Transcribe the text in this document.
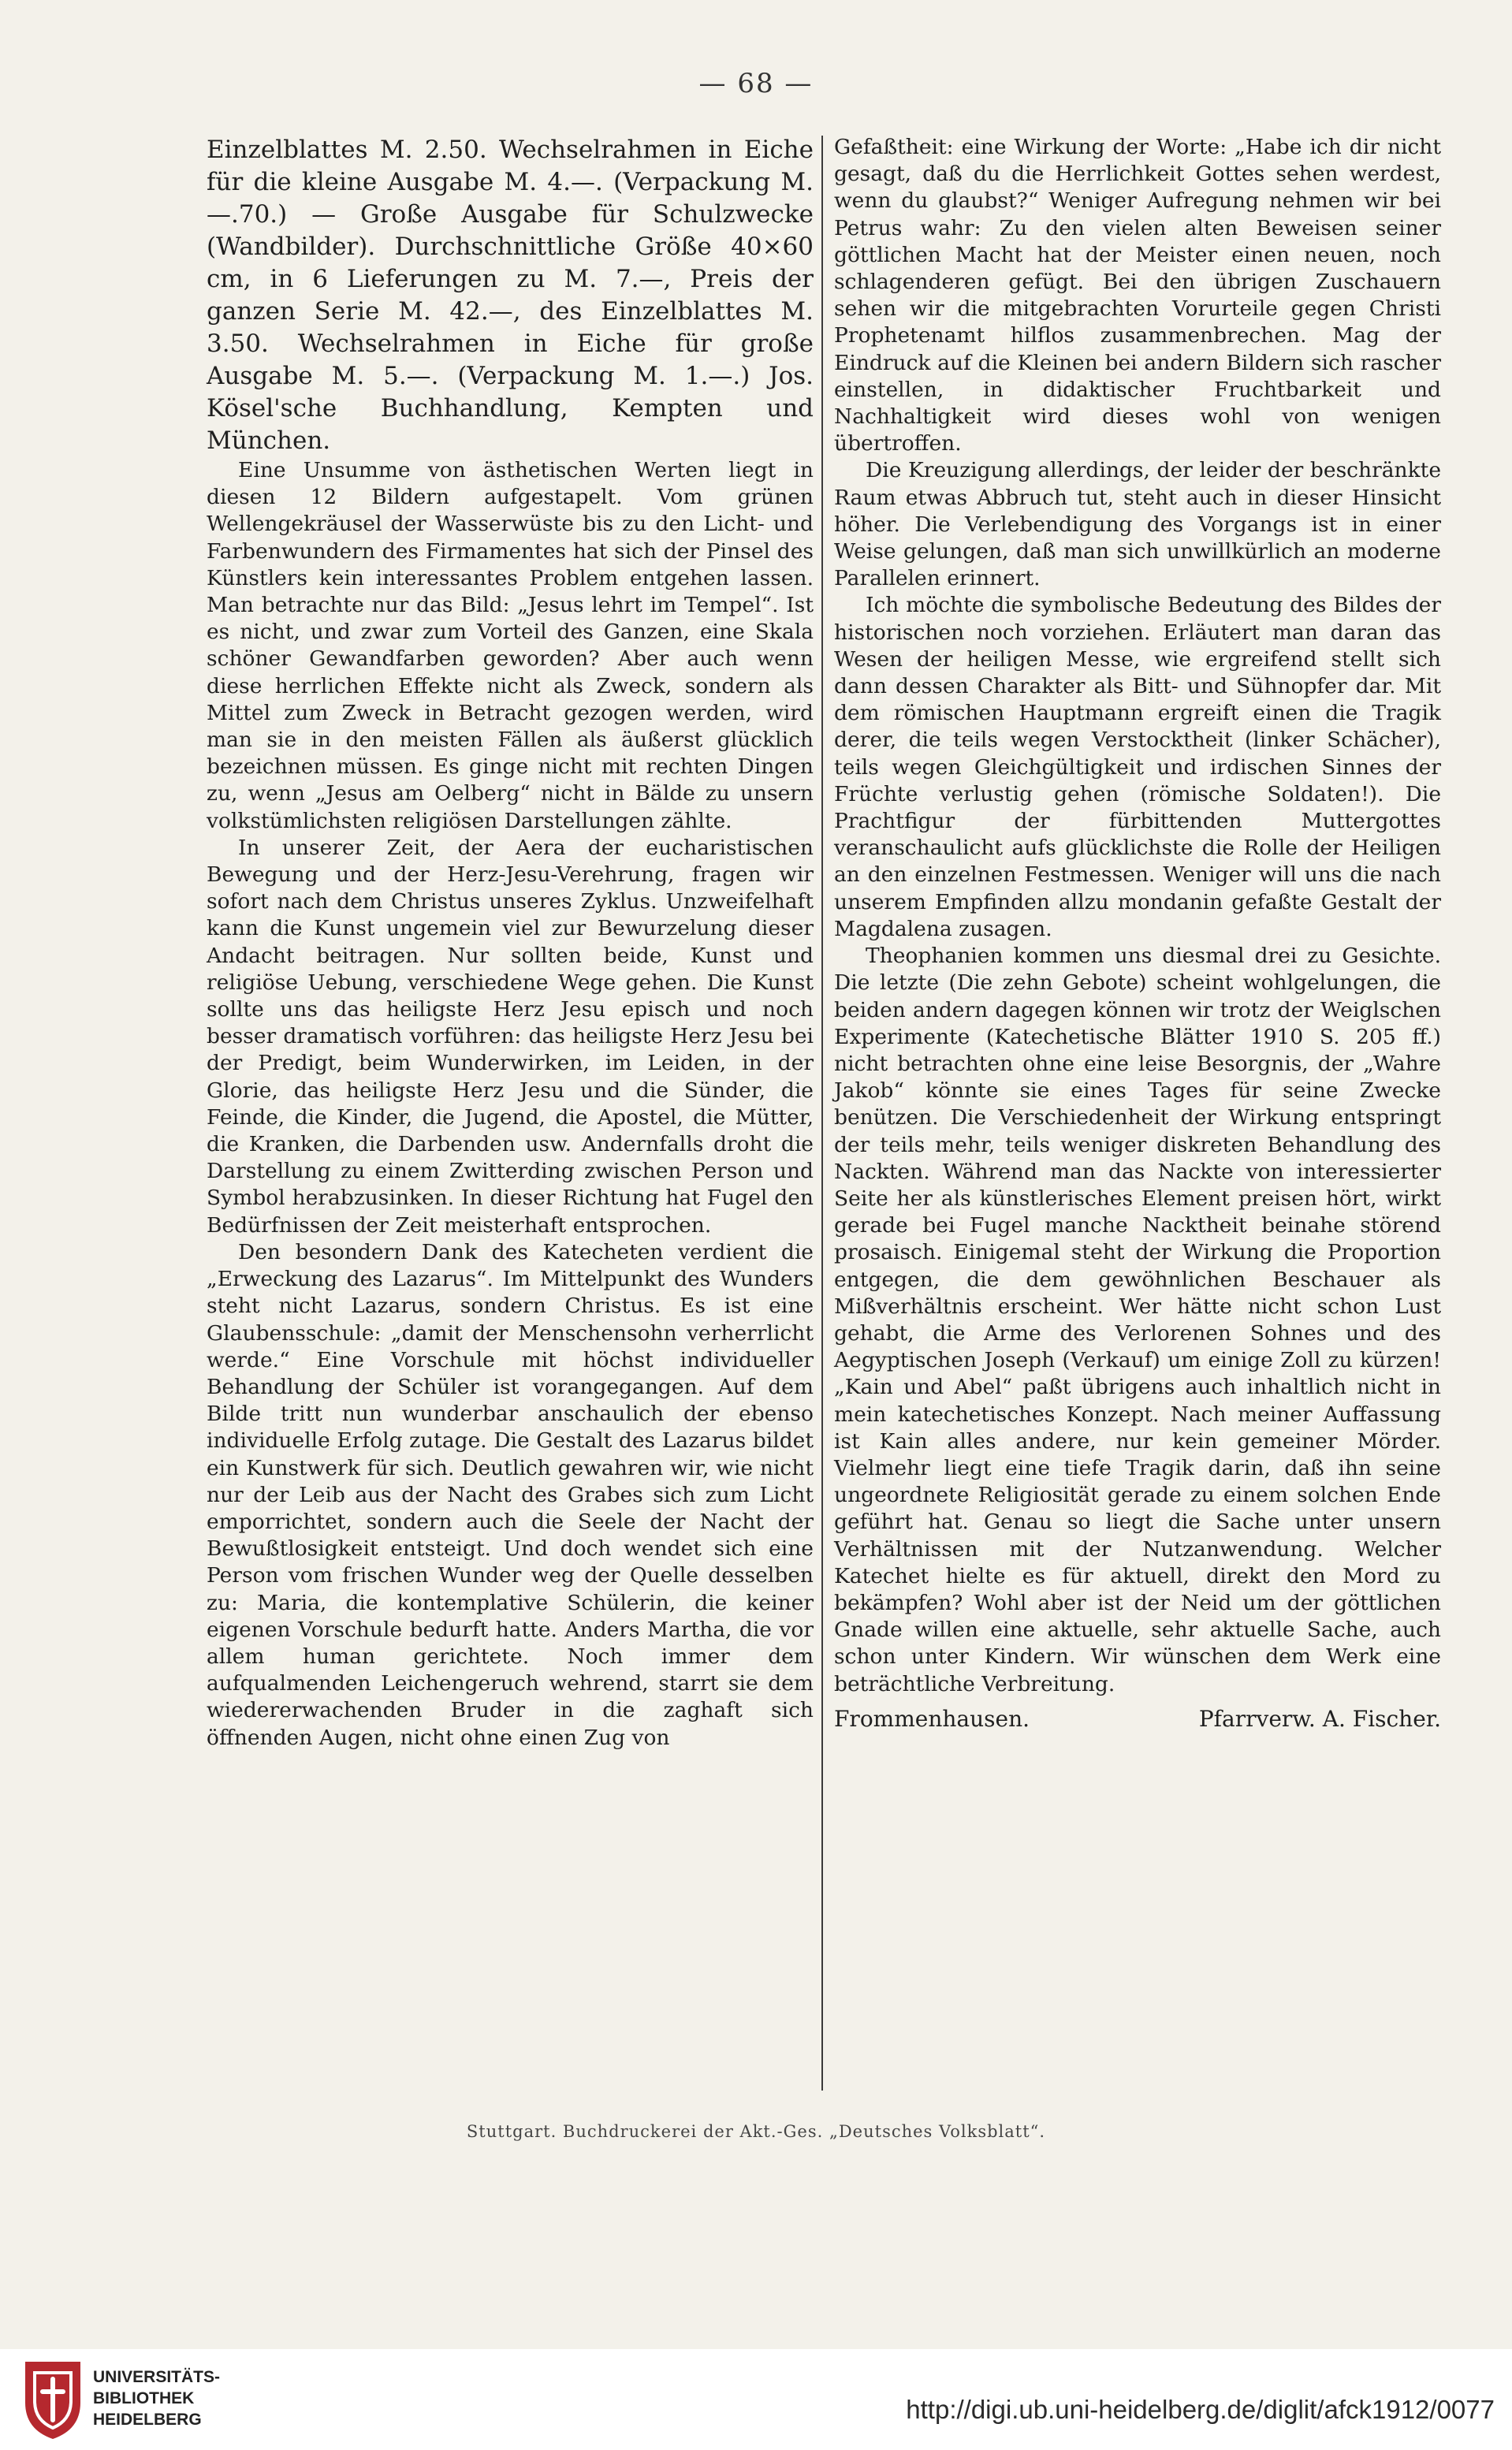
— 68 —

Einzelblattes M. 2.50. Wechselrahmen in Eiche für die kleine Ausgabe M. 4.—. (Verpackung M. —.70.) — Große Ausgabe für Schulzwecke (Wandbilder). Durchschnittliche Größe 40×60 cm, in 6 Lieferungen zu M. 7.—, Preis der ganzen Serie M. 42.—, des Einzelblattes M. 3.50. Wechselrahmen in Eiche für große Ausgabe M. 5.—. (Verpackung M. 1.—.) Jos. Kösel'sche Buchhandlung, Kempten und München.

Eine Unsumme von ästhetischen Werten liegt in diesen 12 Bildern aufgestapelt. Vom grünen Wellengekräusel der Wasserwüste bis zu den Licht- und Farbenwundern des Firmamentes hat sich der Pinsel des Künstlers kein interessantes Problem entgehen lassen. Man betrachte nur das Bild: „Jesus lehrt im Tempel“. Ist es nicht, und zwar zum Vorteil des Ganzen, eine Skala schöner Gewandfarben geworden? Aber auch wenn diese herrlichen Effekte nicht als Zweck, sondern als Mittel zum Zweck in Betracht gezogen werden, wird man sie in den meisten Fällen als äußerst glücklich bezeichnen müssen. Es ginge nicht mit rechten Dingen zu, wenn „Jesus am Oelberg“ nicht in Bälde zu unsern volkstümlichsten religiösen Darstellungen zählte.

In unserer Zeit, der Aera der eucharistischen Bewegung und der Herz-Jesu-Verehrung, fragen wir sofort nach dem Christus unseres Zyklus. Unzweifelhaft kann die Kunst ungemein viel zur Bewurzelung dieser Andacht beitragen. Nur sollten beide, Kunst und religiöse Uebung, verschiedene Wege gehen. Die Kunst sollte uns das heiligste Herz Jesu episch und noch besser dramatisch vorführen: das heiligste Herz Jesu bei der Predigt, beim Wunderwirken, im Leiden, in der Glorie, das heiligste Herz Jesu und die Sünder, die Feinde, die Kinder, die Jugend, die Apostel, die Mütter, die Kranken, die Darbenden usw. Andernfalls droht die Darstellung zu einem Zwitterding zwischen Person und Symbol herabzusinken. In dieser Richtung hat Fugel den Bedürfnissen der Zeit meisterhaft entsprochen.

Den besondern Dank des Katecheten verdient die „Erweckung des Lazarus“. Im Mittelpunkt des Wunders steht nicht Lazarus, sondern Christus. Es ist eine Glaubensschule: „damit der Menschensohn verherrlicht werde.“ Eine Vorschule mit höchst individueller Behandlung der Schüler ist vorangegangen. Auf dem Bilde tritt nun wunderbar anschaulich der ebenso individuelle Erfolg zutage. Die Gestalt des Lazarus bildet ein Kunstwerk für sich. Deutlich gewahren wir, wie nicht nur der Leib aus der Nacht des Grabes sich zum Licht emporrichtet, sondern auch die Seele der Nacht der Bewußtlosigkeit entsteigt. Und doch wendet sich eine Person vom frischen Wunder weg der Quelle desselben zu: Maria, die kontemplative Schülerin, die keiner eigenen Vorschule bedurft hatte. Anders Martha, die vor allem human gerichtete. Noch immer dem aufqualmenden Leichengeruch wehrend, starrt sie dem wiedererwachenden Bruder in die zaghaft sich öffnenden Augen, nicht ohne einen Zug von

Gefaßtheit: eine Wirkung der Worte: „Habe ich dir nicht gesagt, daß du die Herrlichkeit Gottes sehen werdest, wenn du glaubst?“ Weniger Aufregung nehmen wir bei Petrus wahr: Zu den vielen alten Beweisen seiner göttlichen Macht hat der Meister einen neuen, noch schlagenderen gefügt. Bei den übrigen Zuschauern sehen wir die mitgebrachten Vorurteile gegen Christi Prophetenamt hilflos zusammenbrechen. Mag der Eindruck auf die Kleinen bei andern Bildern sich rascher einstellen, in didaktischer Fruchtbarkeit und Nachhaltigkeit wird dieses wohl von wenigen übertroffen.

Die Kreuzigung allerdings, der leider der beschränkte Raum etwas Abbruch tut, steht auch in dieser Hinsicht höher. Die Verlebendigung des Vorgangs ist in einer Weise gelungen, daß man sich unwillkürlich an moderne Parallelen erinnert.

Ich möchte die symbolische Bedeutung des Bildes der historischen noch vorziehen. Erläutert man daran das Wesen der heiligen Messe, wie ergreifend stellt sich dann dessen Charakter als Bitt- und Sühnopfer dar. Mit dem römischen Hauptmann ergreift einen die Tragik derer, die teils wegen Verstocktheit (linker Schächer), teils wegen Gleichgültigkeit und irdischen Sinnes der Früchte verlustig gehen (römische Soldaten!). Die Prachtfigur der fürbittenden Muttergottes veranschaulicht aufs glücklichste die Rolle der Heiligen an den einzelnen Festmessen. Weniger will uns die nach unserem Empfinden allzu mondanin gefaßte Gestalt der Magdalena zusagen.

Theophanien kommen uns diesmal drei zu Gesichte. Die letzte (Die zehn Gebote) scheint wohlgelungen, die beiden andern dagegen können wir trotz der Weiglschen Experimente (Katechetische Blätter 1910 S. 205 ff.) nicht betrachten ohne eine leise Besorgnis, der „Wahre Jakob“ könnte sie eines Tages für seine Zwecke benützen. Die Verschiedenheit der Wirkung entspringt der teils mehr, teils weniger diskreten Behandlung des Nackten. Während man das Nackte von interessierter Seite her als künstlerisches Element preisen hört, wirkt gerade bei Fugel manche Nacktheit beinahe störend prosaisch. Einigemal steht der Wirkung die Proportion entgegen, die dem gewöhnlichen Beschauer als Mißverhältnis erscheint. Wer hätte nicht schon Lust gehabt, die Arme des Verlorenen Sohnes und des Aegyptischen Joseph (Verkauf) um einige Zoll zu kürzen! „Kain und Abel“ paßt übrigens auch inhaltlich nicht in mein katechetisches Konzept. Nach meiner Auffassung ist Kain alles andere, nur kein gemeiner Mörder. Vielmehr liegt eine tiefe Tragik darin, daß ihn seine ungeordnete Religiosität gerade zu einem solchen Ende geführt hat. Genau so liegt die Sache unter unsern Verhältnissen mit der Nutzanwendung. Welcher Katechet hielte es für aktuell, direkt den Mord zu bekämpfen? Wohl aber ist der Neid um der göttlichen Gnade willen eine aktuelle, sehr aktuelle Sache, auch schon unter Kindern. Wir wünschen dem Werk eine beträchtliche Verbreitung.

Frommenhausen.	Pfarrverw. A. Fischer.

Stuttgart. Buchdruckerei der Akt.-Ges. „Deutsches Volksblatt“.
UNIVERSITÄTS-
BIBLIOTHEK
HEIDELBERG	http://digi.ub.uni-heidelberg.de/diglit/afck1912/0077
